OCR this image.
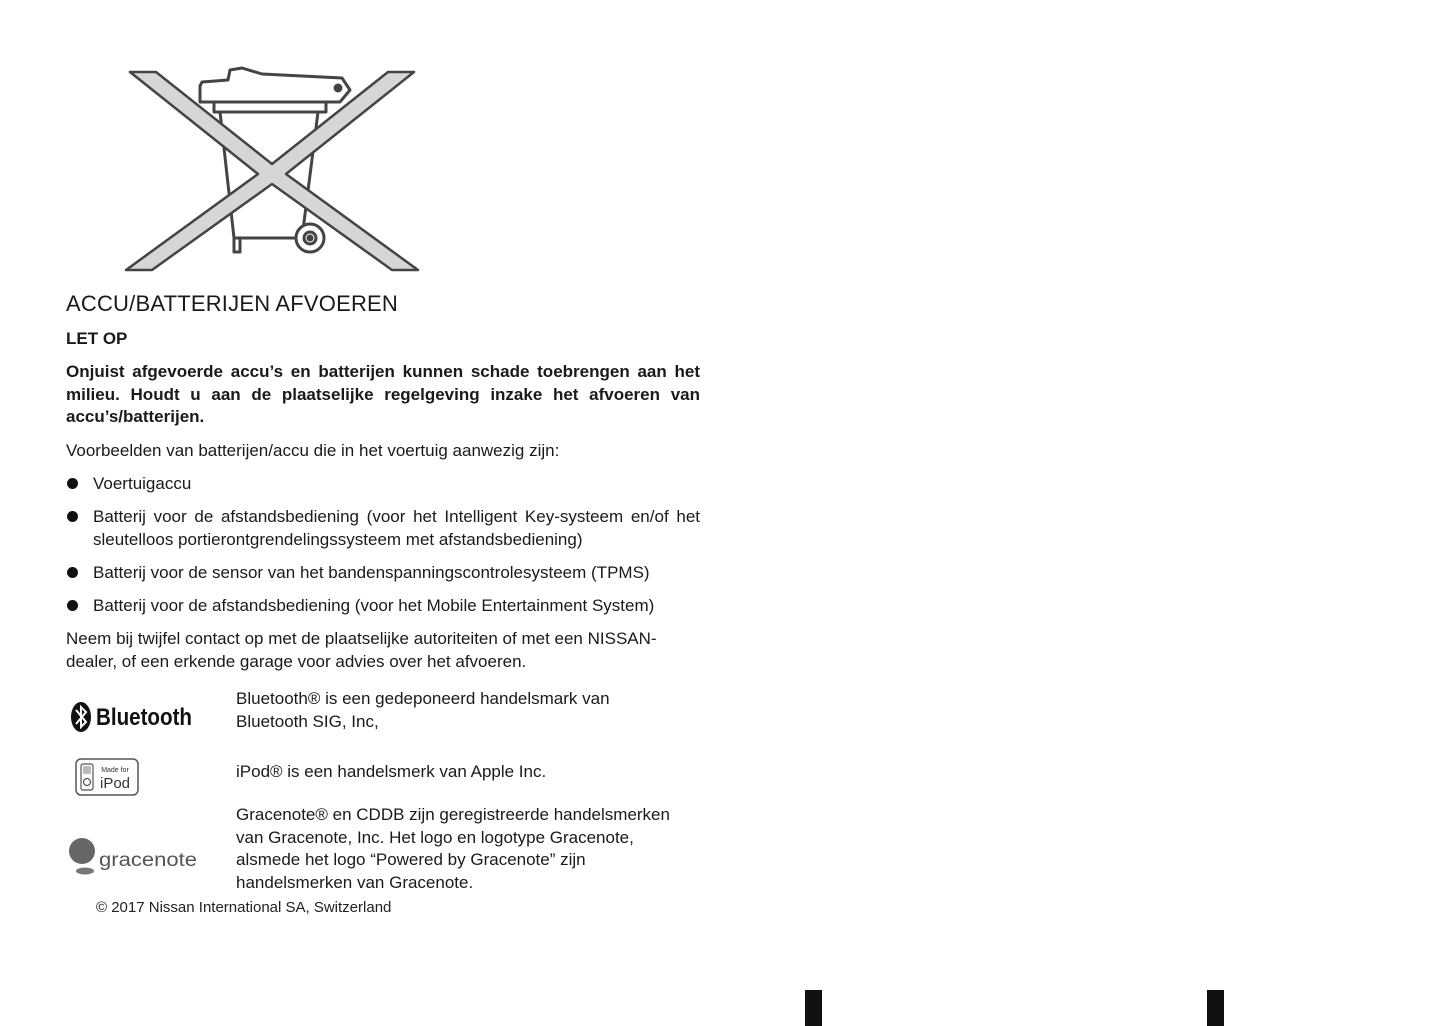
ACCU/BATTERIJEN AFVOEREN

LET OP

Onjuist afgevoerde accu’s en batterijen kunnen schade toebrengen aan het milieu. Houdt u aan de plaatselijke regelgeving inzake het afvoeren van accu’s/batterijen.

Voorbeelden van batterijen/accu die in het voertuig aanwezig zijn:

Voertuigaccu
Batterij voor de afstandsbediening (voor het Intelligent Key-systeem en/of het sleutelloos portierontgrendelingssysteem met afstandsbediening)
Batterij voor de sensor van het bandenspanningscontrolesysteem (TPMS)
Batterij voor de afstandsbediening (voor het Mobile Entertainment System)

Neem bij twijfel contact op met de plaatselijke autoriteiten of met een NISSAN-dealer, of een erkende garage voor advies over het afvoeren.

Bluetooth

Bluetooth® is een gedeponeerd handelsmark van Bluetooth SIG, Inc,

Made for
iPod

iPod® is een handelsmerk van Apple Inc.

gracenote

Gracenote® en CDDB zijn geregistreerde handelsmerken van Gracenote, Inc. Het logo en logotype Gracenote, alsmede het logo “Powered by Gracenote” zijn handelsmerken van Gracenote.

© 2017 Nissan International SA, Switzerland
